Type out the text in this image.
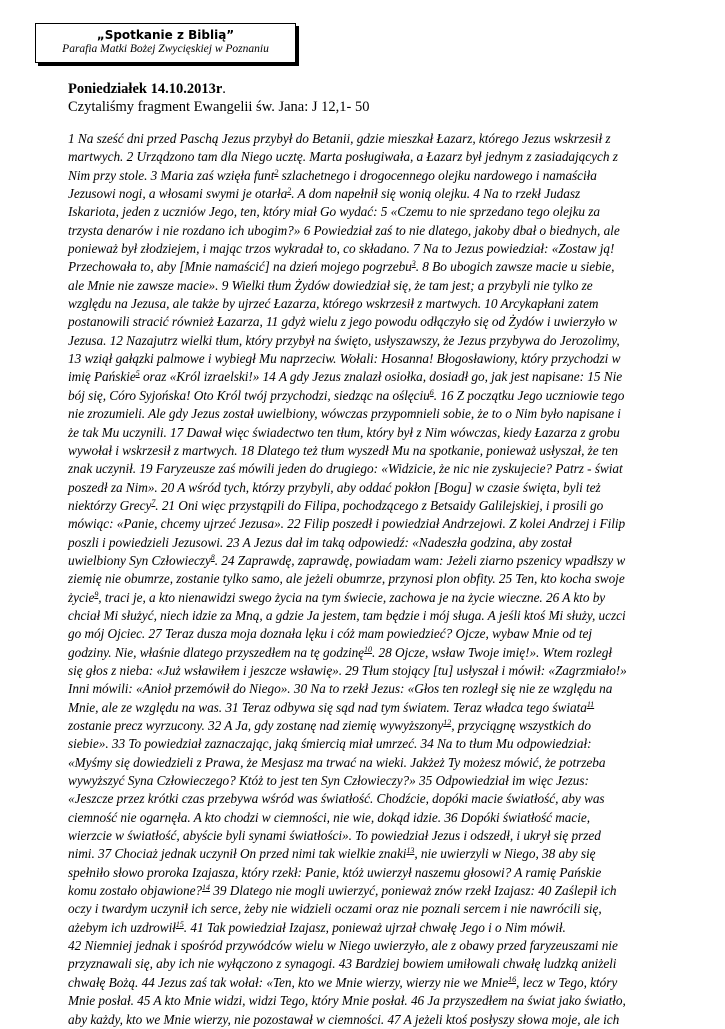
„Spotkanie z Biblią”
Parafia Matki Bożej Zwycięskiej w Poznaniu
Poniedziałek 14.10.2013r.
Czytaliśmy fragment Ewangelii św. Jana: J 12,1- 50
1 Na sześć dni przed Paschą Jezus przybył do Betanii, gdzie mieszkał Łazarz, którego Jezus wskrzesił z
martwych. 2 Urządzono tam dla Niego ucztę. Marta posługiwała, a Łazarz był jednym z zasiadających z
Nim przy stole. 3 Maria zaś wzięła funt$^2$ szlachetnego i drogocennego olejku nardowego i namaściła
Jezusowi nogi, a włosami swymi je otarła$^2$. A dom napełnił się wonią olejku. 4 Na to rzekł Judasz
Iskariota, jeden z uczniów Jego, ten, który miał Go wydać: 5 «Czemu to nie sprzedano tego olejku za
trzysta denarów i nie rozdano ich ubogim?» 6 Powiedział zaś to nie dlatego, jakoby dbał o biednych, ale
ponieważ był złodziejem, i mając trzos wykradał to, co składano. 7 Na to Jezus powiedział: «Zostaw ją!
Przechowała to, aby [Mnie namaścić] na dzień mojego pogrzebu$^3$. 8 Bo ubogich zawsze macie u siebie,
ale Mnie nie zawsze macie». 9 Wielki tłum Żydów dowiedział się, że tam jest; a przybyli nie tylko ze
względu na Jezusa, ale także by ujrzeć Łazarza, którego wskrzesił z martwych. 10 Arcykapłani zatem
postanowili stracić również Łazarza, 11 gdyż wielu z jego powodu odłączyło się od Żydów i uwierzyło w
Jezusa. 12 Nazajutrz wielki tłum, który przybył na święto, usłyszawszy, że Jezus przybywa do Jerozolimy,
13 wziął gałązki palmowe i wybiegł Mu naprzeciw. Wołali: Hosanna! Błogosławiony, który przychodzi w
imię Pańskie$^5$ oraz «Król izraelski!» 14 A gdy Jezus znalazł osiołka, dosiadł go, jak jest napisane: 15 Nie
bój się, Córo Syjońska! Oto Król twój przychodzi, siedząc na oślęciu$^6$. 16 Z początku Jego uczniowie tego
nie zrozumieli. Ale gdy Jezus został uwielbiony, wówczas przypomnieli sobie, że to o Nim było napisane i
że tak Mu uczynili. 17 Dawał więc świadectwo ten tłum, który był z Nim wówczas, kiedy Łazarza z grobu
wywołał i wskrzesił z martwych. 18 Dlatego też tłum wyszedł Mu na spotkanie, ponieważ usłyszał, że ten
znak uczynił. 19 Faryzeusze zaś mówili jeden do drugiego: «Widzicie, że nic nie zyskujecie? Patrz - świat
poszedł za Nim». 20 A wśród tych, którzy przybyli, aby oddać pokłon [Bogu] w czasie święta, byli też
niektórzy Grecy$^7$. 21 Oni więc przystąpili do Filipa, pochodzącego z Betsaidy Galilejskiej, i prosili go
mówiąc: «Panie, chcemy ujrzeć Jezusa». 22 Filip poszedł i powiedział Andrzejowi. Z kolei Andrzej i Filip
poszli i powiedzieli Jezusowi. 23 A Jezus dał im taką odpowiedź: «Nadeszła godzina, aby został
uwielbiony Syn Człowieczy$^8$. 24 Zaprawdę, zaprawdę, powiadam wam: Jeżeli ziarno pszenicy wpadłszy w
ziemię nie obumrze, zostanie tylko samo, ale jeżeli obumrze, przynosi plon obfity. 25 Ten, kto kocha swoje
życie$^9$, traci je, a kto nienawidzi swego życia na tym świecie, zachowa je na życie wieczne. 26 A kto by
chciał Mi służyć, niech idzie za Mną, a gdzie Ja jestem, tam będzie i mój sługa. A jeśli ktoś Mi służy, uczci
go mój Ojciec. 27 Teraz dusza moja doznała lęku i cóż mam powiedzieć? Ojcze, wybaw Mnie od tej
godziny. Nie, właśnie dlatego przyszedłem na tę godzinę$^{10}$. 28 Ojcze, wsław Twoje imię!». Wtem rozległ
się głos z nieba: «Już wsławiłem i jeszcze wsławię». 29 Tłum stojący [tu] usłyszał i mówił: «Zagrzmiało!»
Inni mówili: «Anioł przemówił do Niego». 30 Na to rzekł Jezus: «Głos ten rozległ się nie ze względu na
Mnie, ale ze względu na was. 31 Teraz odbywa się sąd nad tym światem. Teraz władca tego świata$^{11}$
zostanie precz wyrzucony. 32 A Ja, gdy zostanę nad ziemię wywyższony$^{12}$, przyciągnę wszystkich do
siebie». 33 To powiedział zaznaczając, jaką śmiercią miał umrzeć. 34 Na to tłum Mu odpowiedział:
«Myśmy się dowiedzieli z Prawa, że Mesjasz ma trwać na wieki. Jakżeż Ty możesz mówić, że potrzeba
wywyższyć Syna Człowieczego? Któż to jest ten Syn Człowieczy?» 35 Odpowiedział im więc Jezus:
«Jeszcze przez krótki czas przebywa wśród was światłość. Chodźcie, dopóki macie światłość, aby was
ciemność nie ogarnęła. A kto chodzi w ciemności, nie wie, dokąd idzie. 36 Dopóki światłość macie,
wierzcie w światłość, abyście byli synami światłości». To powiedział Jezus i odszedł, i ukrył się przed
nimi. 37 Chociaż jednak uczynił On przed nimi tak wielkie znaki$^{13}$, nie uwierzyli w Niego, 38 aby się
spełniło słowo proroka Izajasza, który rzekł: Panie, któż uwierzył naszemu głosowi? A ramię Pańskie
komu zostało objawione?$^{14}$ 39 Dlatego nie mogli uwierzyć, ponieważ znów rzekł Izajasz: 40 Zaślepił ich
oczy i twardym uczynił ich serce, żeby nie widzieli oczami oraz nie poznali sercem i nie nawrócili się,
ażebym ich uzdrowił$^{15}$. 41 Tak powiedział Izajasz, ponieważ ujrzał chwałę Jego i o Nim mówił.
42 Niemniej jednak i spośród przywódców wielu w Niego uwierzyło, ale z obawy przed faryzeuszami nie
przyznawali się, aby ich nie wyłączono z synagogi. 43 Bardziej bowiem umiłowali chwałę ludzką aniżeli
chwałę Bożą. 44 Jezus zaś tak wołał: «Ten, kto we Mnie wierzy, wierzy nie we Mnie$^{16}$, lecz w Tego, który
Mnie posłał. 45 A kto Mnie widzi, widzi Tego, który Mnie posłał. 46 Ja przyszedłem na świat jako światło,
aby każdy, kto we Mnie wierzy, nie pozostawał w ciemności. 47 A jeżeli ktoś posłyszy słowa moje, ale ich
